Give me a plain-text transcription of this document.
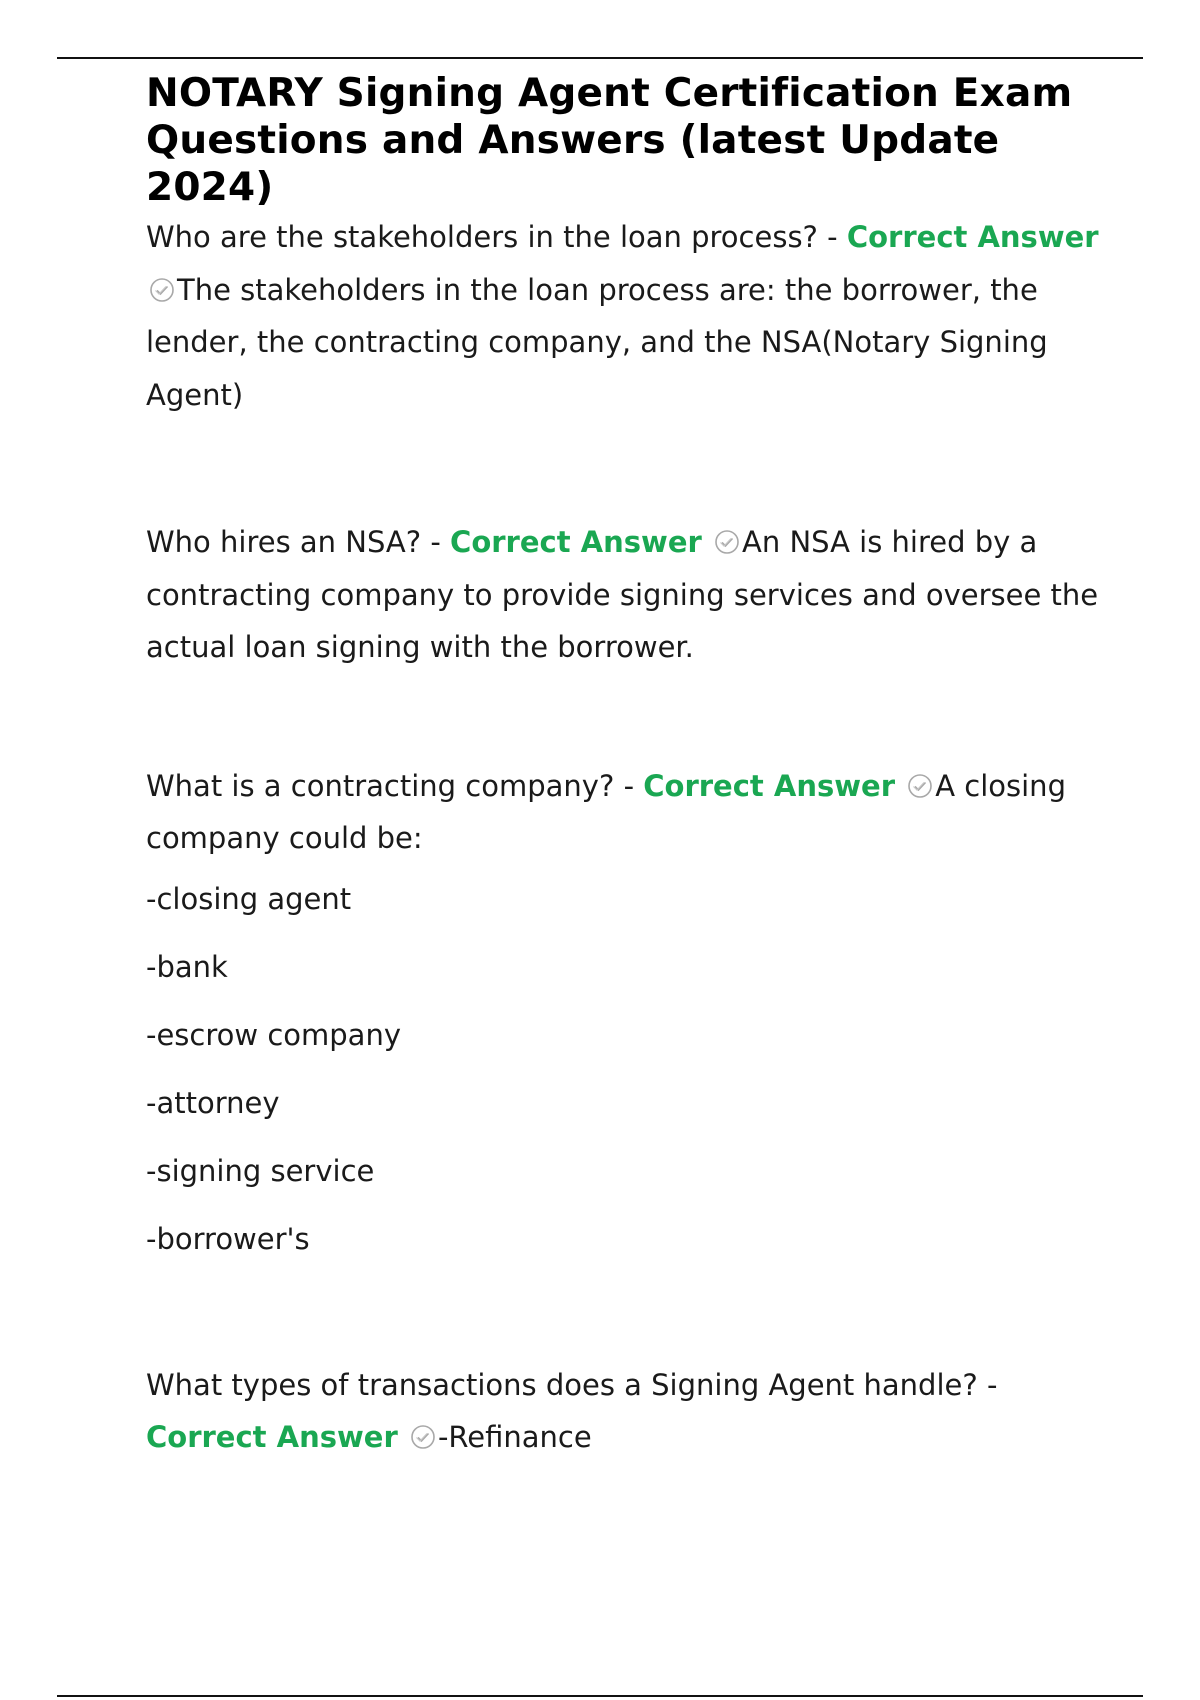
NOTARY Signing Agent Certification Exam Questions and Answers (latest Update 2024)

Who are the stakeholders in the loan process? - Correct Answer
The stakeholders in the loan process are: the borrower, the lender, the contracting company, and the NSA(Notary Signing Agent)

Who hires an NSA? - Correct Answer An NSA is hired by a contracting company to provide signing services and oversee the actual loan signing with the borrower.

What is a contracting company? - Correct Answer A closing company could be:

-closing agent

-bank

-escrow company

-attorney

-signing service

-borrower's

What types of transactions does a Signing Agent handle? - Correct Answer -Refinance
